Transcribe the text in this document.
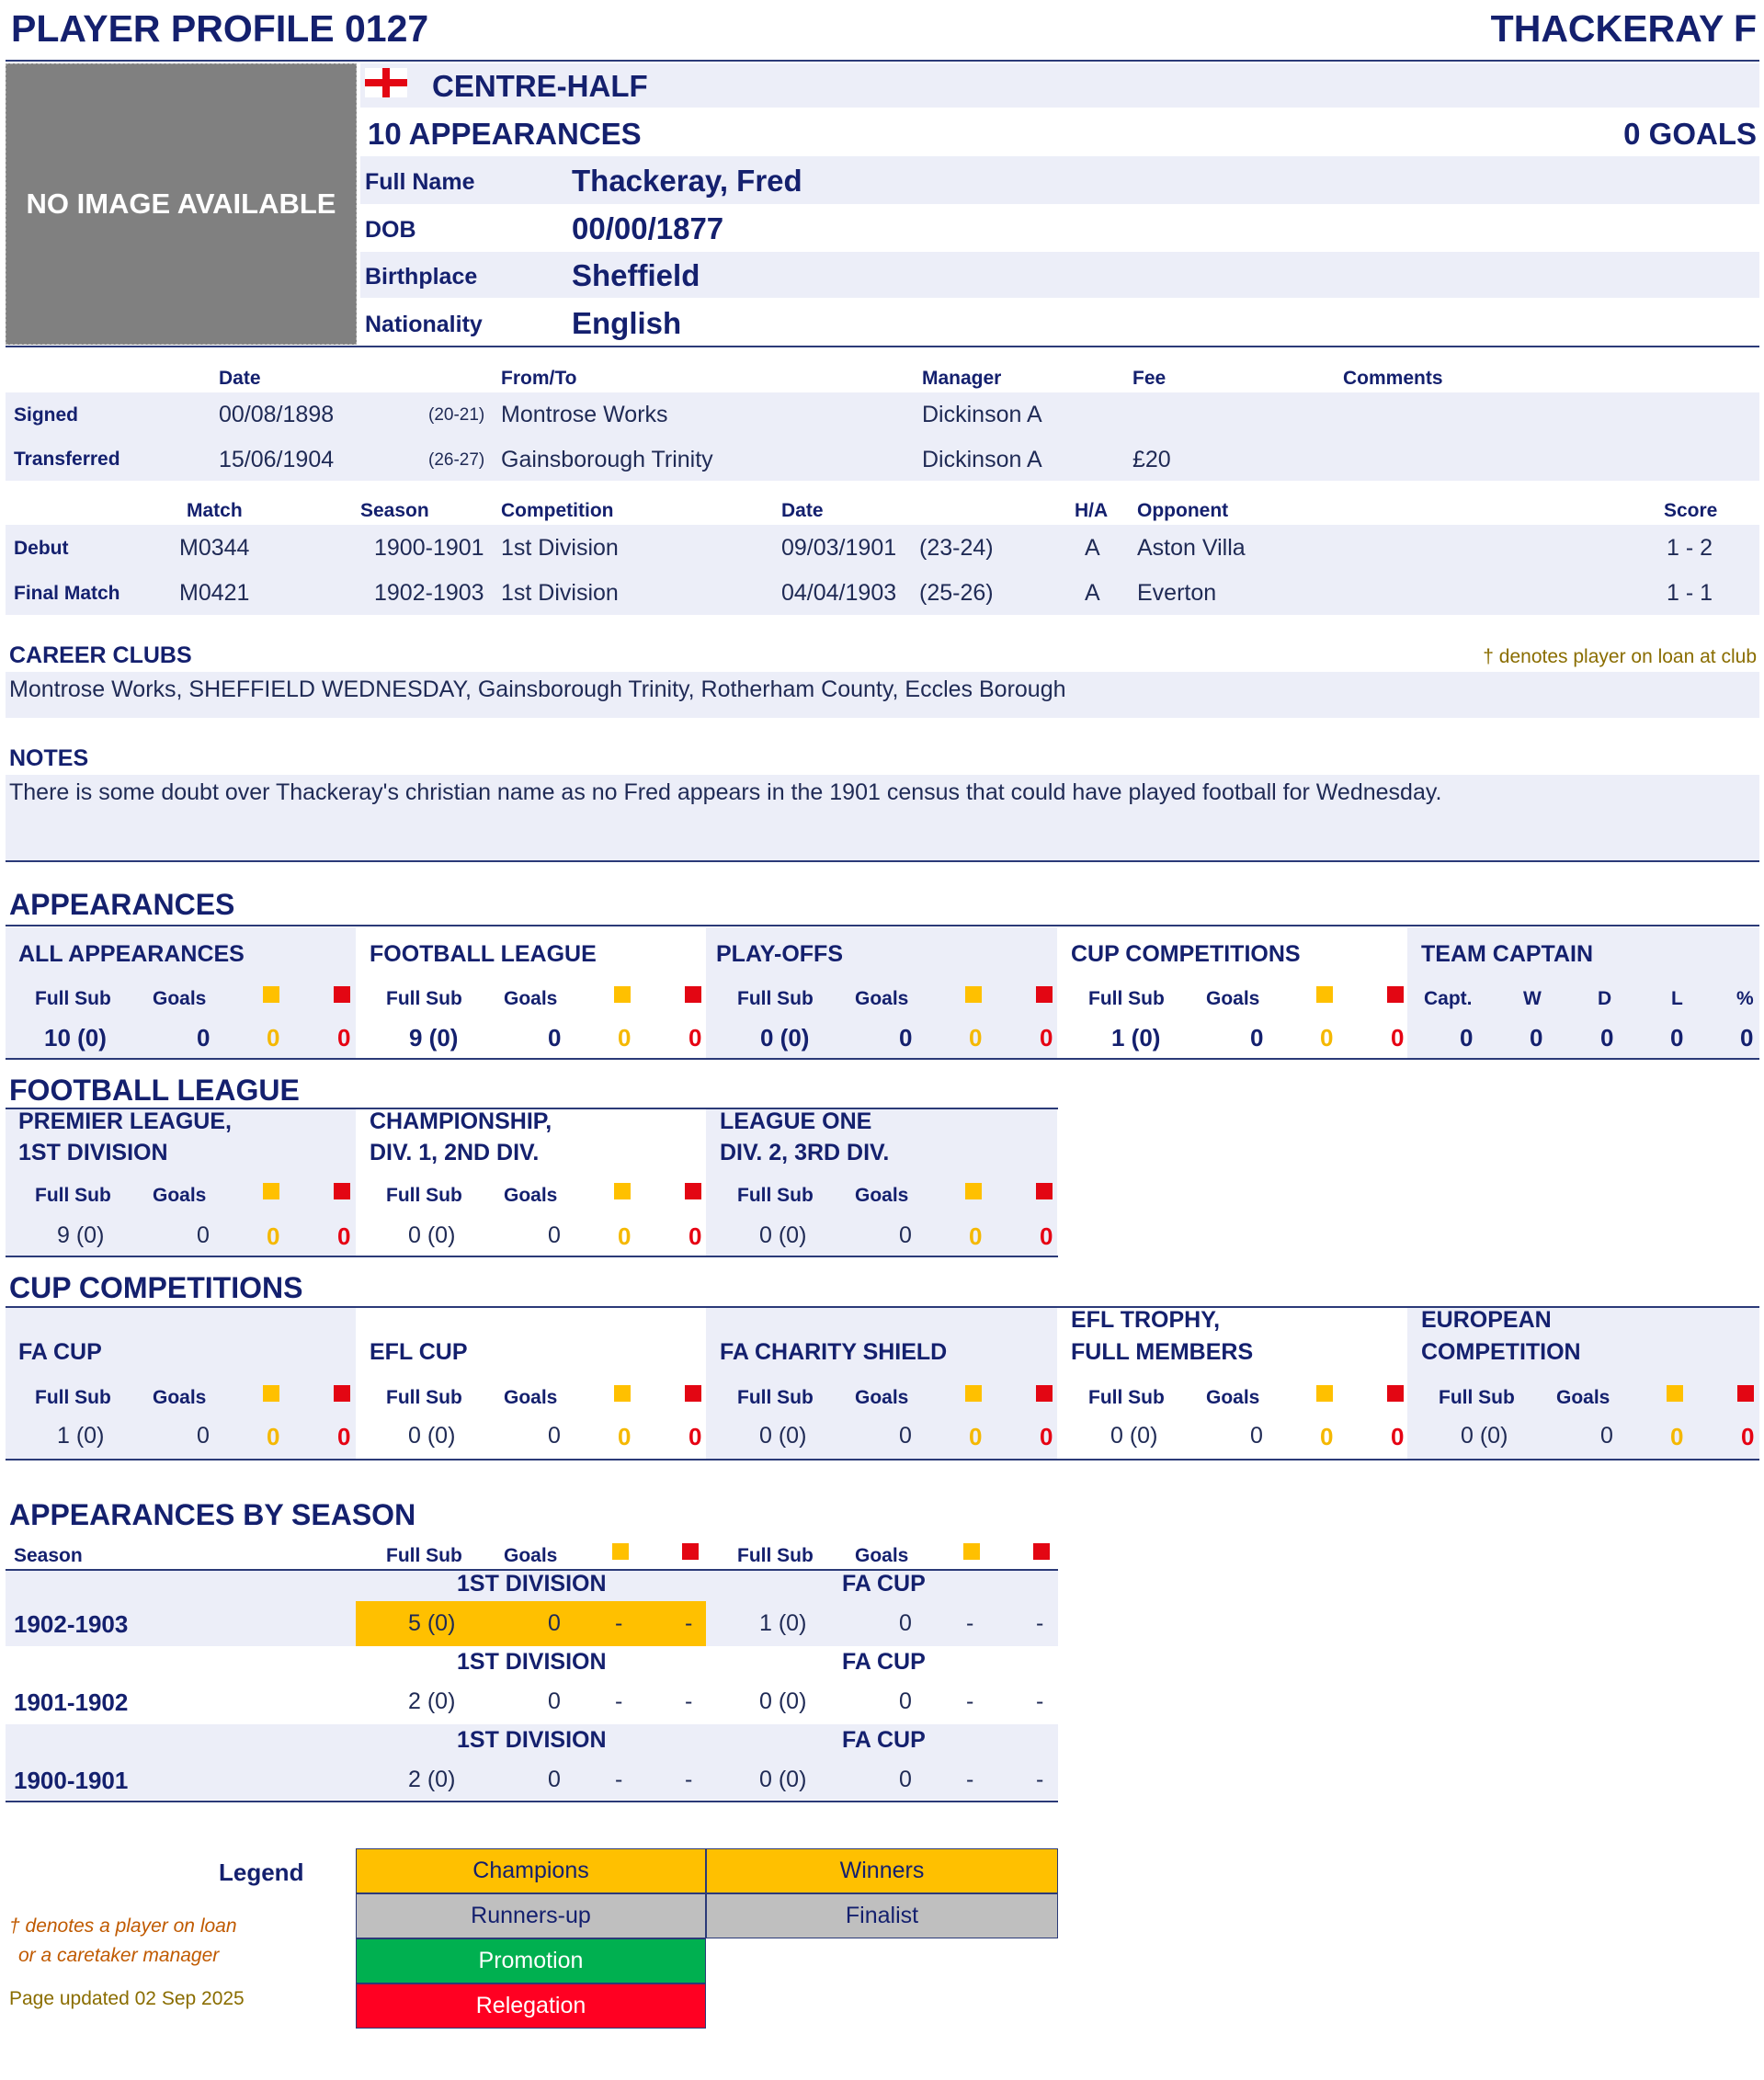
PLAYER PROFILE 0127	THACKERAY F
NO IMAGE AVAILABLE
CENTRE-HALF
10 APPEARANCES	0 GOALS
Full Name	Thackeray, Fred
DOB	00/00/1877
Birthplace	Sheffield
Nationality	English
Date	From/To	Manager	Fee	Comments
Signed	00/08/1898	(20-21) Montrose Works	Dickinson A
Transferred	15/06/1904	(26-27) Gainsborough Trinity	Dickinson A	£20
Match	Season	Competition	Date	H/A Opponent	Score
Debut	M0344	1900-1901 1st Division	09/03/1901 (23-24)	A Aston Villa	1 - 2
Final Match	M0421	1902-1903 1st Division	04/04/1903 (25-26)	A Everton	1 - 1
CAREER CLUBS	† denotes player on loan at club
Montrose Works, SHEFFIELD WEDNESDAY, Gainsborough Trinity, Rotherham County, Eccles Borough
NOTES
There is some doubt over Thackeray's christian name as no Fred appears in the 1901 census that could have played football for Wednesday.
APPEARANCES
ALL APPEARANCES
Full Sub Goals
10 (0)	0 0 0
FOOTBALL LEAGUE
Full Sub Goals
9 (0)	0 0 0
PLAY-OFFS
Full Sub Goals
0 (0)	0 0 0
CUP COMPETITIONS
Full Sub Goals
1 (0)	0 0 0
TEAM CAPTAIN
Capt.	W	D	L	%
0 0 0 0 0
FOOTBALL LEAGUE
PREMIER LEAGUE,
1ST DIVISION
Full Sub Goals
9 (0)	0 0 0
CHAMPIONSHIP,
DIV. 1, 2ND DIV.
Full Sub Goals
0 (0)	0 0 0
LEAGUE ONE
DIV. 2, 3RD DIV.
Full Sub Goals
0 (0)	0 0 0
CUP COMPETITIONS
FA CUP
Full Sub Goals
1 (0)	0 0 0
EFL CUP
Full Sub Goals
0 (0)	0 0 0
FA CHARITY SHIELD
Full Sub Goals
0 (0)	0 0 0
EFL TROPHY,
FULL MEMBERS
Full Sub Goals
0 (0)	0 0 0
EUROPEAN
COMPETITION
Full Sub Goals
0 (0)	0 0 0
APPEARANCES BY SEASON
Season	Full Sub Goals	Full Sub Goals
1ST DIVISION	FA CUP
1902-1903	5 (0)	0 -	-	1 (0)	0 -	-
1ST DIVISION	FA CUP
1901-1902	2 (0)	0 -	-	0 (0)	0 -	-
1ST DIVISION	FA CUP
1900-1901	2 (0)	0 -	-	0 (0)	0 -	-
Legend
† denotes a player on loan
or a caretaker manager
Page updated 02 Sep 2025
Champions	Winners
Runners-up	Finalist
Promotion
Relegation
